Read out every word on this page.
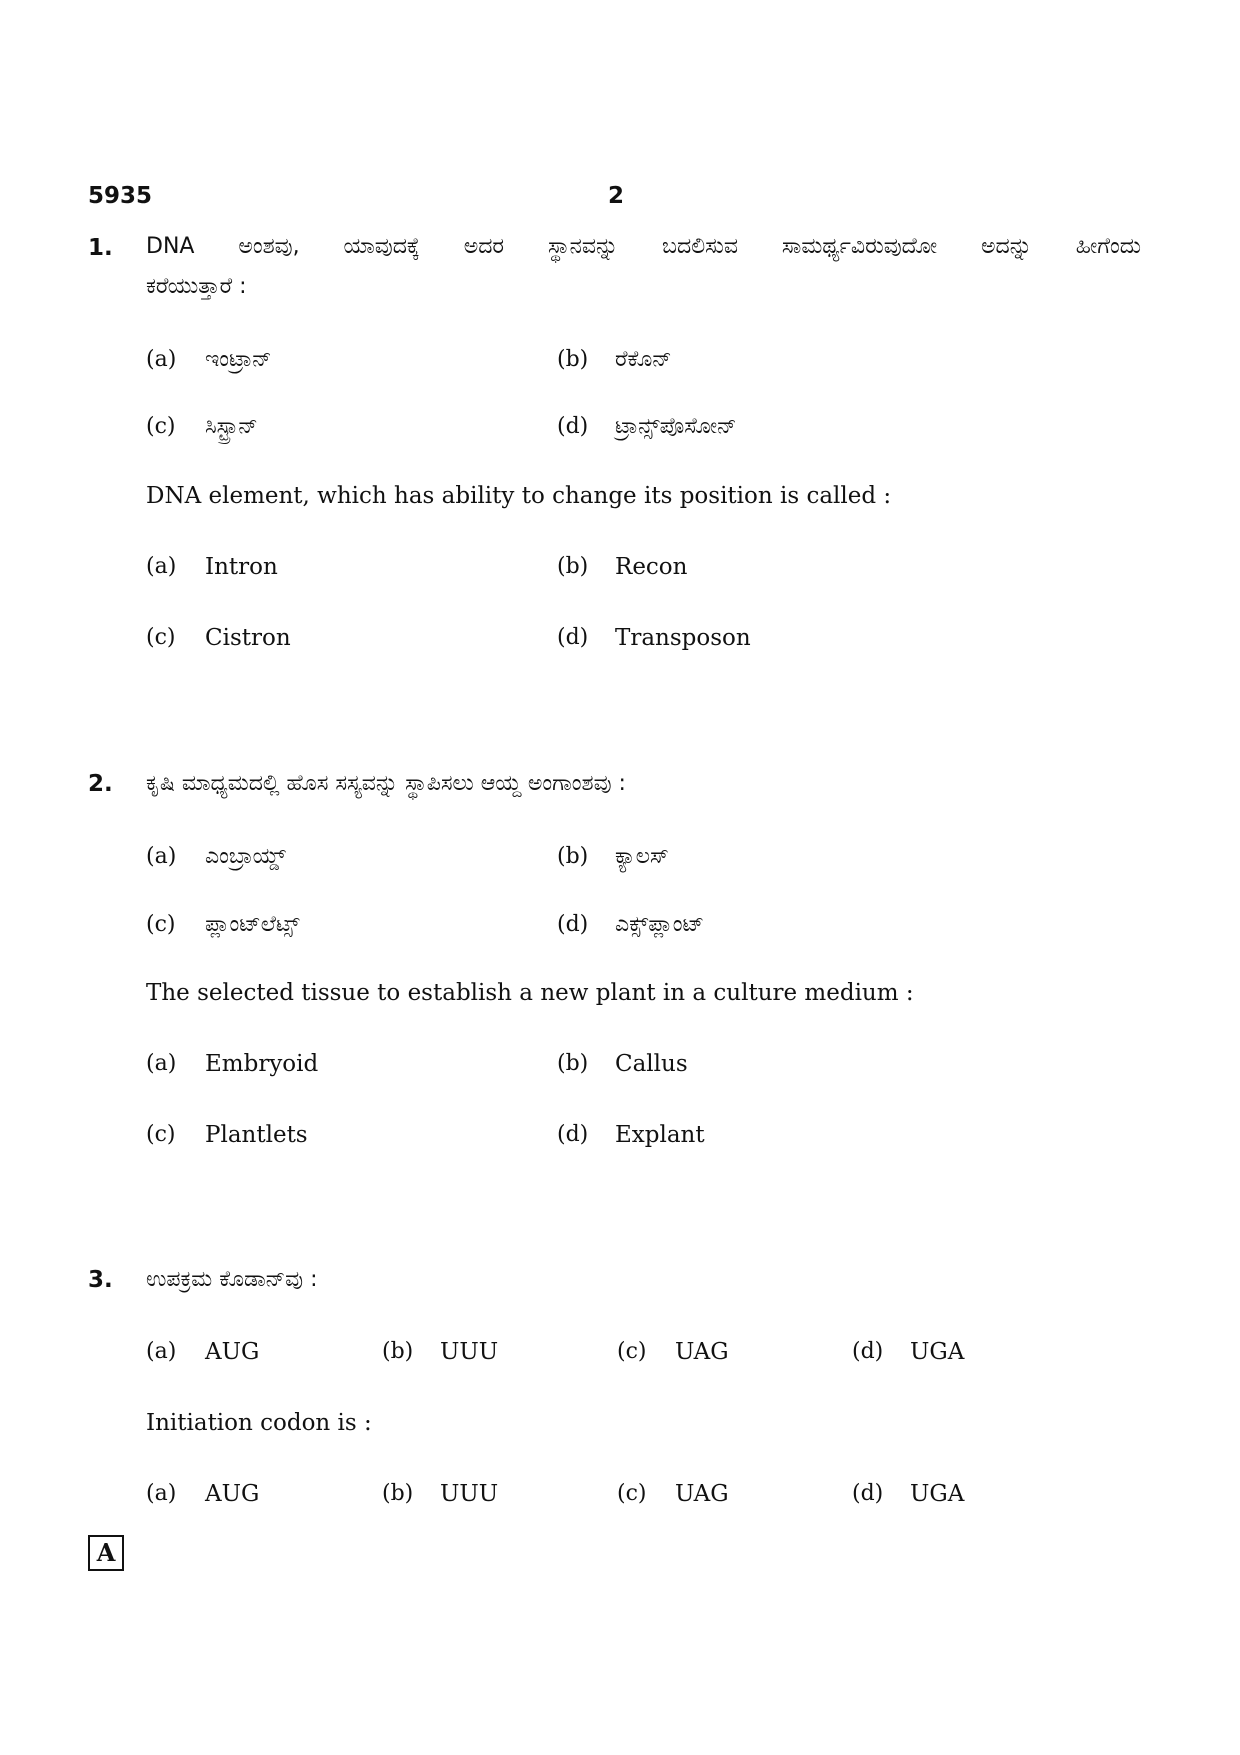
5935	2
1. DNA ಅಂಶವು, ಯಾವುದಕ್ಕೆ ಅದರ ಸ್ಥಾನವನ್ನು ಬದಲಿಸುವ ಸಾಮರ್ಥ್ಯವಿರುವುದೋ ಅದನ್ನು ಹೀಗೆಂದು
ಕರೆಯುತ್ತಾರೆ :
(a) ಇಂಟ್ರಾನ್	(b) ರೆಕೊನ್
(c) ಸಿಸ್ಟ್ರಾನ್	(d) ಟ್ರಾನ್ಸ್‌ಪೊಸೋನ್
DNA element, which has ability to change its position is called :
(a) Intron	(b) Recon
(c) Cistron	(d) Transposon
2. ಕೃಷಿ ಮಾಧ್ಯಮದಲ್ಲಿ ಹೊಸ ಸಸ್ಯವನ್ನು ಸ್ಥಾಪಿಸಲು ಆಯ್ದ ಅಂಗಾಂಶವು :
(a) ಎಂಬ್ರಾಯ್ಡ್	(b) ಕ್ಯಾಲಸ್
(c) ಪ್ಲಾಂಟ್‌ಲೆಟ್ಸ್	(d) ಎಕ್ಸ್‌ಪ್ಲಾಂಟ್
The selected tissue to establish a new plant in a culture medium :
(a) Embryoid	(b) Callus
(c) Plantlets	(d) Explant
3. ಉಪಕ್ರಮ ಕೊಡಾನ್‌ವು :
(a) AUG	(b) UUU	(c) UAG	(d) UGA
Initiation codon is :
(a) AUG	(b) UUU	(c) UAG	(d) UGA
A
